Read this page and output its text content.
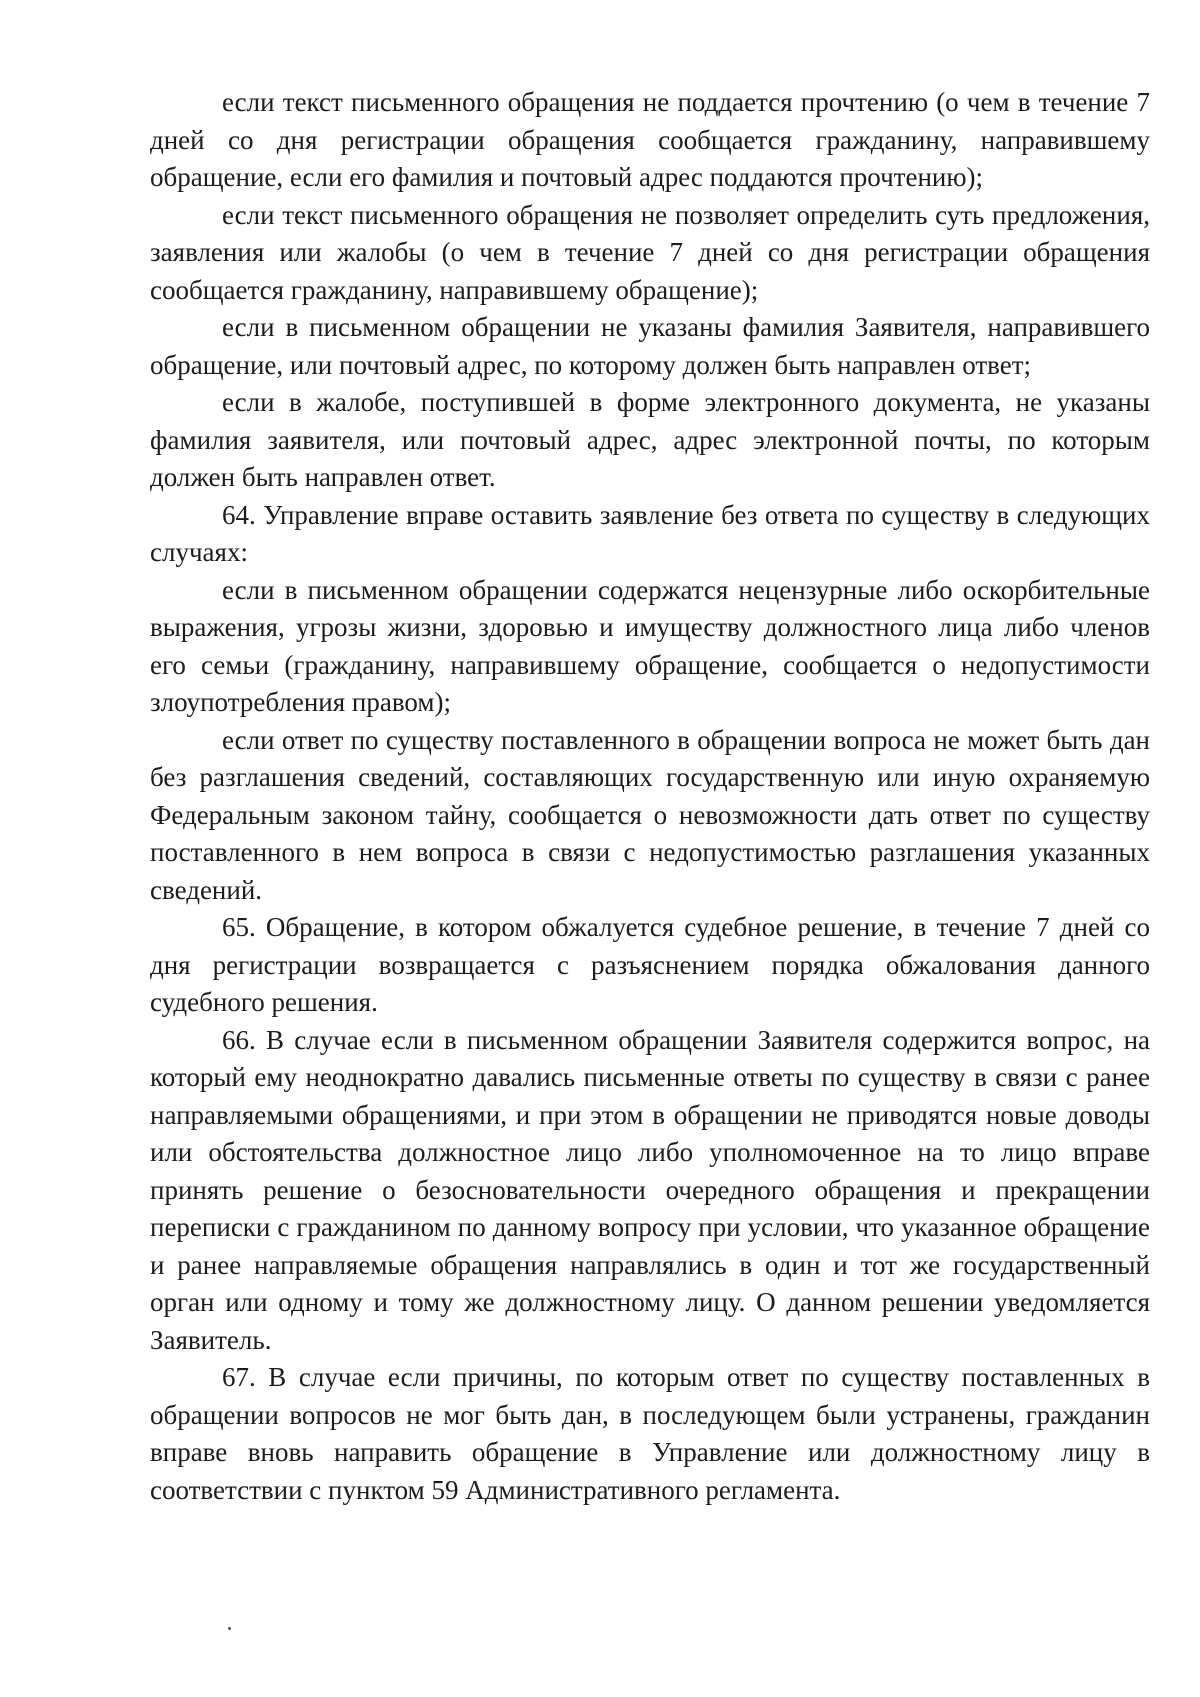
если текст письменного обращения не поддается прочтению (о чем в течение 7 дней со дня регистрации обращения сообщается гражданину, направившему обращение, если его фамилия и почтовый адрес поддаются прочтению);

если текст письменного обращения не позволяет определить суть предложения, заявления или жалобы (о чем в течение 7 дней со дня регистрации обращения сообщается гражданину, направившему обращение);

если в письменном обращении не указаны фамилия Заявителя, направившего обращение, или почтовый адрес, по которому должен быть направлен ответ;

если в жалобе, поступившей в форме электронного документа, не указаны фамилия заявителя, или почтовый адрес, адрес электронной почты, по которым должен быть направлен ответ.

64. Управление вправе оставить заявление без ответа по существу в следующих случаях:

если в письменном обращении содержатся нецензурные либо оскорбительные выражения, угрозы жизни, здоровью и имуществу должностного лица либо членов его семьи (гражданину, направившему обращение, сообщается о недопустимости злоупотребления правом);

если ответ по существу поставленного в обращении вопроса не может быть дан без разглашения сведений, составляющих государственную или иную охраняемую Федеральным законом тайну, сообщается о невозможности дать ответ по существу поставленного в нем вопроса в связи с недопустимостью разглашения указанных сведений.

65. Обращение, в котором обжалуется судебное решение, в течение 7 дней со дня регистрации возвращается с разъяснением порядка обжалования данного судебного решения.

66. В случае если в письменном обращении Заявителя содержится вопрос, на который ему неоднократно давались письменные ответы по существу в связи с ранее направляемыми обращениями, и при этом в обращении не приводятся новые доводы или обстоятельства должностное лицо либо уполномоченное на то лицо вправе принять решение о безосновательности очередного обращения и прекращении переписки с гражданином по данному вопросу при условии, что указанное обращение и ранее направляемые обращения направлялись в один и тот же государственный орган или одному и тому же должностному лицу. О данном решении уведомляется Заявитель.

67. В случае если причины, по которым ответ по существу поставленных в обращении вопросов не мог быть дан, в последующем были устранены, гражданин вправе вновь направить обращение в Управление или должностному лицу в соответствии с пунктом 59 Административного регламента.
